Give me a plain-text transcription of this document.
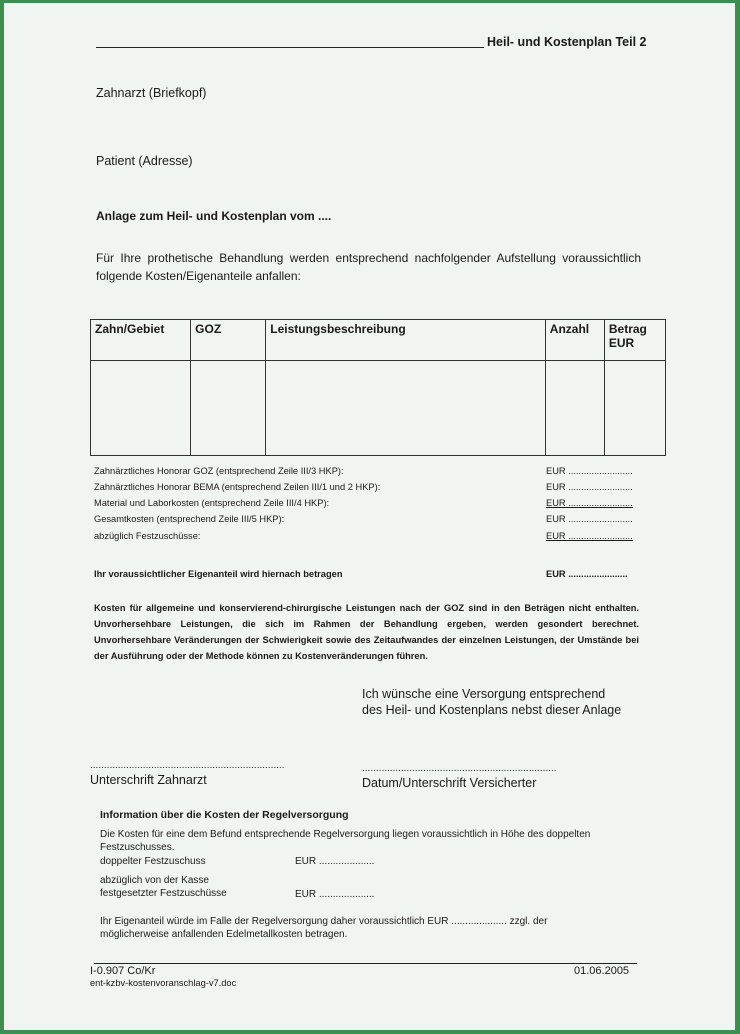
Heil- und Kostenplan Teil 2
Zahnarzt (Briefkopf)
Patient (Adresse)
Anlage zum Heil- und Kostenplan vom ....
Für Ihre prothetische Behandlung werden entsprechend nachfolgender Aufstellung voraussichtlich folgende Kosten/Eigenanteile anfallen:
Zahn/Gebiet	GOZ	Leistungsbeschreibung	Anzahl	Betrag EUR

Zahnärztliches Honorar GOZ (entsprechend Zeile III/3 HKP):	EUR .........................
Zahnärztliches Honorar BEMA (entsprechend Zeilen III/1 und 2 HKP):	EUR .........................
Material und Laborkosten (entsprechend Zeile III/4 HKP):	EUR .........................
Gesamtkosten (entsprechend Zeile III/5 HKP):	EUR .........................
abzüglich Festzuschüsse:	EUR .........................
Ihr voraussichtlicher Eigenanteil wird hiernach betragen	EUR .......................
Kosten für allgemeine und konservierend-chirurgische Leistungen nach der GOZ sind in den Beträgen nicht enthalten. Unvorhersehbare Leistungen, die sich im Rahmen der Behandlung ergeben, werden gesondert berechnet. Unvorhersehbare Veränderungen der Schwierigkeit sowie des Zeitaufwandes der einzelnen Leistungen, der Umstände bei der Ausführung oder der Methode können zu Kostenveränderungen führen.
Ich wünsche eine Versorgung entsprechend
des Heil- und Kostenplans nebst dieser Anlage
......................................................................	......................................................................
Unterschrift Zahnarzt	Datum/Unterschrift Versicherter
Information über die Kosten der Regelversorgung
Die Kosten für eine dem Befund entsprechende Regelversorgung liegen voraussichtlich in Höhe des doppelten Festzuschusses.
doppelter Festzuschuss	EUR ....................
abzüglich von der Kasse
festgesetzter Festzuschüsse	EUR ....................
Ihr Eigenanteil würde im Falle der Regelversorgung daher voraussichtlich EUR .................... zzgl. der möglicherweise anfallenden Edelmetallkosten betragen.
I-0.907 Co/Kr
ent-kzbv-kostenvoranschlag-v7.doc
01.06.2005
